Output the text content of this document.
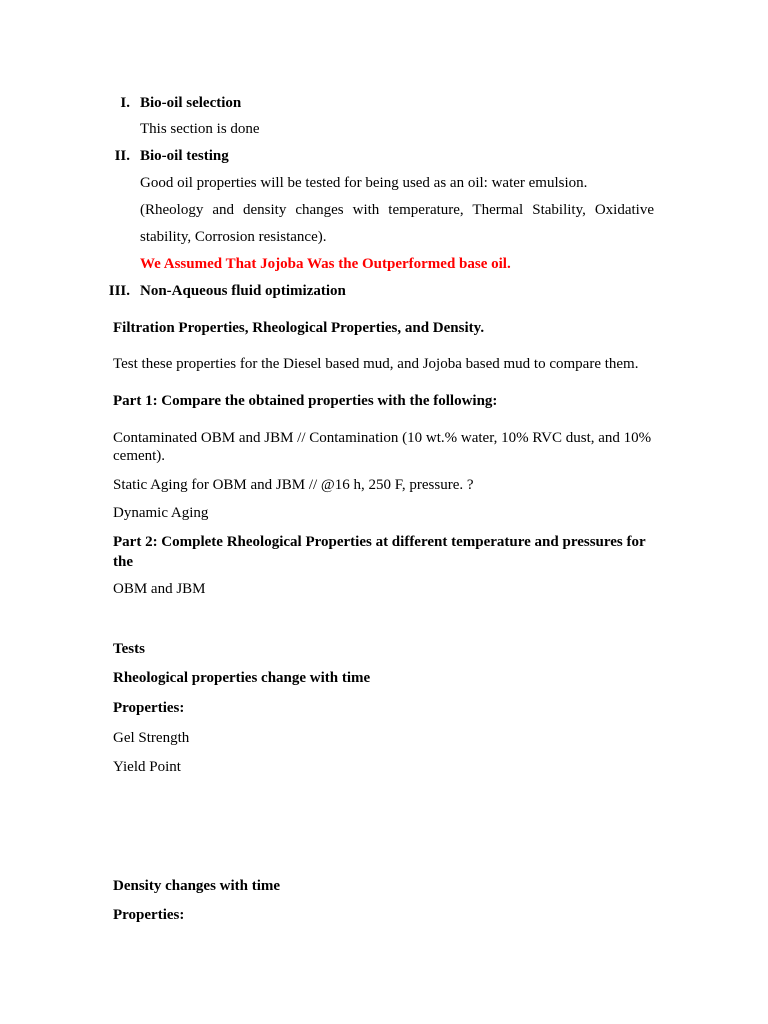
I. Bio-oil selection
This section is done
II. Bio-oil testing
Good oil properties will be tested for being used as an oil: water emulsion.
(Rheology and density changes with temperature, Thermal Stability, Oxidative
stability, Corrosion resistance).
We Assumed That Jojoba Was the Outperformed base oil.
III. Non-Aqueous fluid optimization
Filtration Properties, Rheological Properties, and Density.
Test these properties for the Diesel based mud, and Jojoba based mud to compare them.
Part 1: Compare the obtained properties with the following:
Contaminated OBM and JBM // Contamination (10 wt.% water, 10% RVC dust, and 10% cement).
Static Aging for OBM and JBM // @16 h, 250 F, pressure. ?
Dynamic Aging
Part 2: Complete Rheological Properties at different temperature and pressures for the
OBM and JBM
Tests
Rheological properties change with time
Properties:
Gel Strength
Yield Point
Density changes with time
Properties:
